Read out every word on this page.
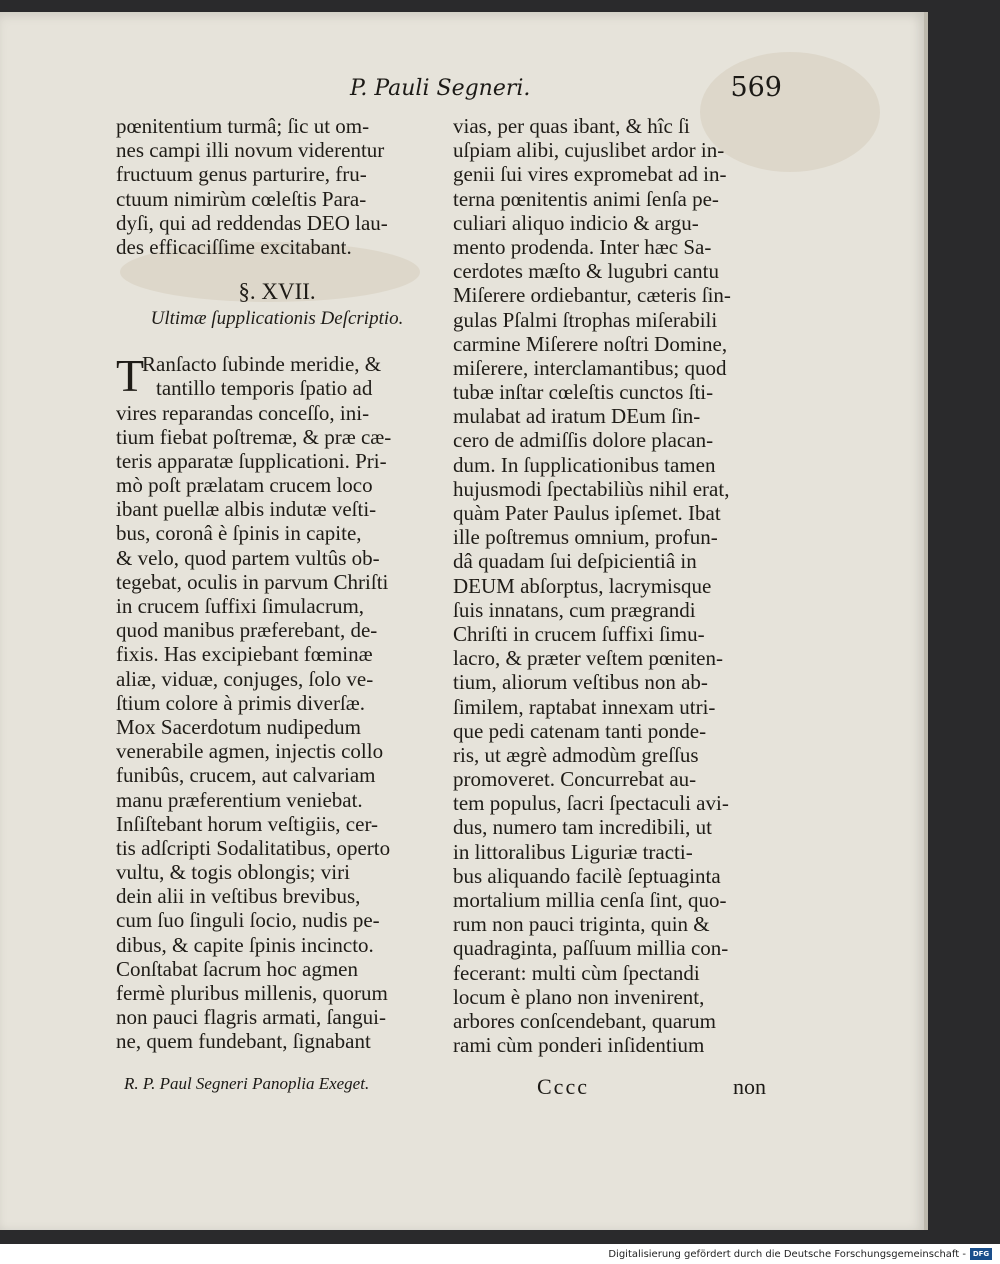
P. Pauli Segneri.	569
pœnitentium turmâ; ſic ut om-
nes campi illi novum viderentur
fructuum genus parturire, fru-
ctuum nimirùm cœleſtis Para-
dyſi, qui ad reddendas DEO lau-
des efficaciſſime excitabant.
§. XVII.
Ultimæ ſupplicationis Deſcriptio.
T
Ranſacto ſubinde meridie, &
tantillo temporis ſpatio ad
vires reparandas conceſſo, ini-
tium fiebat poſtremæ, & præ cæ-
teris apparatæ ſupplicationi. Pri-
mò poſt prælatam crucem loco
ibant puellæ albis indutæ veſti-
bus, coronâ è ſpinis in capite,
& velo, quod partem vultûs ob-
tegebat, oculis in parvum Chriſti
in crucem ſuffixi ſimulacrum,
quod manibus præferebant, de-
fixis. Has excipiebant fœminæ
aliæ, viduæ, conjuges, ſolo ve-
ſtium colore à primis diverſæ.
Mox Sacerdotum nudipedum
venerabile agmen, injectis collo
funibûs, crucem, aut calvariam
manu præferentium veniebat.
Inſiſtebant horum veſtigiis, cer-
tis adſcripti Sodalitatibus, operto
vultu, & togis oblongis; viri
dein alii in veſtibus brevibus,
cum ſuo ſinguli ſocio, nudis pe-
dibus, & capite ſpinis incincto.
Conſtabat ſacrum hoc agmen
fermè pluribus millenis, quorum
non pauci flagris armati, ſangui-
ne, quem fundebant, ſignabant
vias, per quas ibant, & hîc ſi
uſpiam alibi, cujuslibet ardor in-
genii ſui vires expromebat ad in-
terna pœnitentis animi ſenſa pe-
culiari aliquo indicio & argu-
mento prodenda. Inter hæc Sa-
cerdotes mæſto & lugubri cantu
Miſerere ordiebantur, cæteris ſin-
gulas Pſalmi ſtrophas miſerabili
carmine Miſerere noſtri Domine,
miſerere, interclamantibus; quod
tubæ inſtar cœleſtis cunctos ſti-
mulabat ad iratum DEum ſin-
cero de admiſſis dolore placan-
dum. In ſupplicationibus tamen
hujusmodi ſpectabiliùs nihil erat,
quàm Pater Paulus ipſemet. Ibat
ille poſtremus omnium, profun-
dâ quadam ſui deſpicientiâ in
DEUM abſorptus, lacrymisque
ſuis innatans, cum prægrandi
Chriſti in crucem ſuffixi ſimu-
lacro, & præter veſtem pœniten-
tium, aliorum veſtibus non ab-
ſimilem, raptabat innexam utri-
que pedi catenam tanti ponde-
ris, ut ægrè admodùm greſſus
promoveret. Concurrebat au-
tem populus, ſacri ſpectaculi avi-
dus, numero tam incredibili, ut
in littoralibus Liguriæ tracti-
bus aliquando facilè ſeptuaginta
mortalium millia cenſa ſint, quo-
rum non pauci triginta, quin &
quadraginta, paſſuum millia con-
fecerant: multi cùm ſpectandi
locum è plano non invenirent,
arbores conſcendebant, quarum
rami cùm ponderi inſidentium
R. P. Paul Segneri Panoplia Exeget.	Cccc	non
Digitalisierung gefördert durch die Deutsche Forschungsgemeinschaft - DFG
